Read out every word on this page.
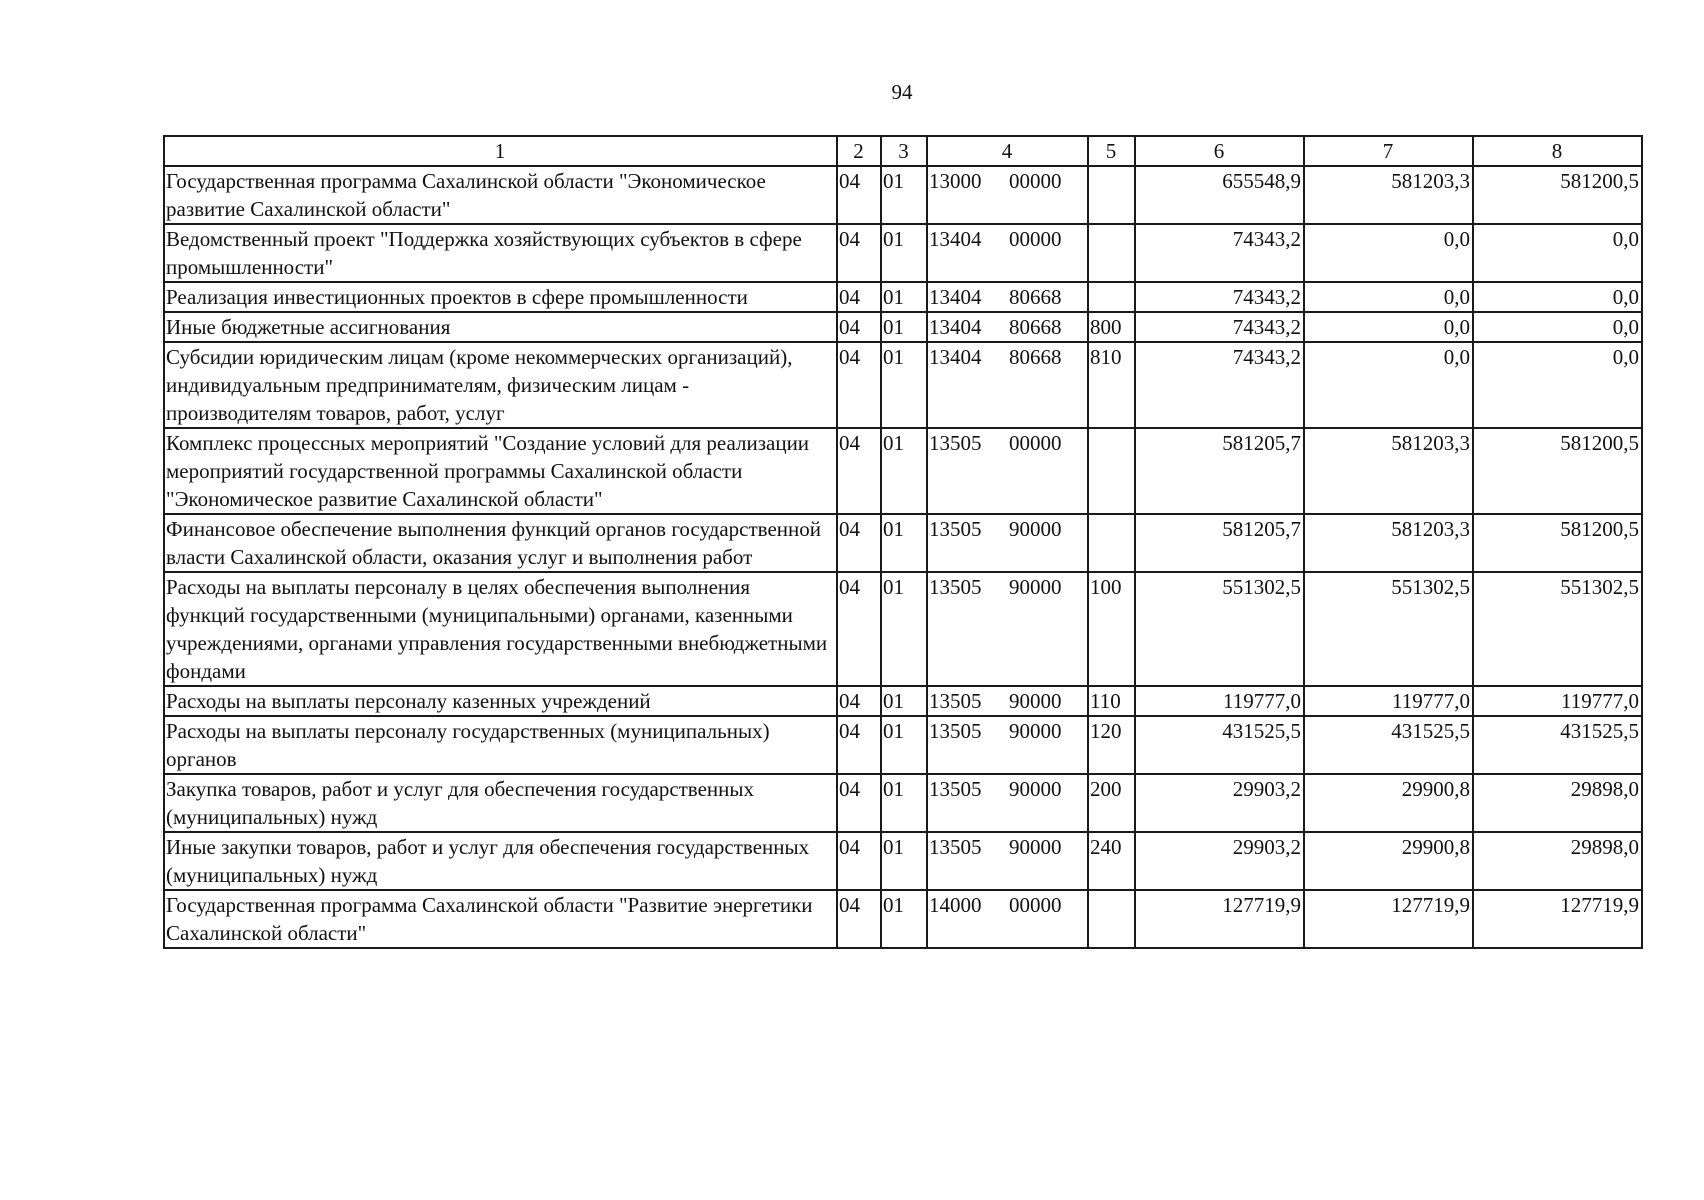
94
1	2	3	4	5	6	7	8
Государственная программа Сахалинской области "Экономическое развитие Сахалинской области"	04	01	13000 00000		655548,9	581203,3	581200,5
Ведомственный проект "Поддержка хозяйствующих субъектов в сфере промышленности"	04	01	13404 00000		74343,2	0,0	0,0
Реализация инвестиционных проектов в сфере промышленности	04	01	13404 80668		74343,2	0,0	0,0
Иные бюджетные ассигнования	04	01	13404 80668	800	74343,2	0,0	0,0
Субсидии юридическим лицам (кроме некоммерческих организаций), индивидуальным предпринимателям, физическим лицам - производителям товаров, работ, услуг	04	01	13404 80668	810	74343,2	0,0	0,0
Комплекс процессных мероприятий "Создание условий для реализации мероприятий государственной программы Сахалинской области "Экономическое развитие Сахалинской области"	04	01	13505 00000		581205,7	581203,3	581200,5
Финансовое обеспечение выполнения функций органов государственной власти Сахалинской области, оказания услуг и выполнения работ	04	01	13505 90000		581205,7	581203,3	581200,5
Расходы на выплаты персоналу в целях обеспечения выполнения функций государственными (муниципальными) органами, казенными учреждениями, органами управления государственными внебюджетными фондами	04	01	13505 90000	100	551302,5	551302,5	551302,5
Расходы на выплаты персоналу казенных учреждений	04	01	13505 90000	110	119777,0	119777,0	119777,0
Расходы на выплаты персоналу государственных (муниципальных) органов	04	01	13505 90000	120	431525,5	431525,5	431525,5
Закупка товаров, работ и услуг для обеспечения государственных (муниципальных) нужд	04	01	13505 90000	200	29903,2	29900,8	29898,0
Иные закупки товаров, работ и услуг для обеспечения государственных (муниципальных) нужд	04	01	13505 90000	240	29903,2	29900,8	29898,0
Государственная программа Сахалинской области "Развитие энергетики Сахалинской области"	04	01	14000 00000		127719,9	127719,9	127719,9
